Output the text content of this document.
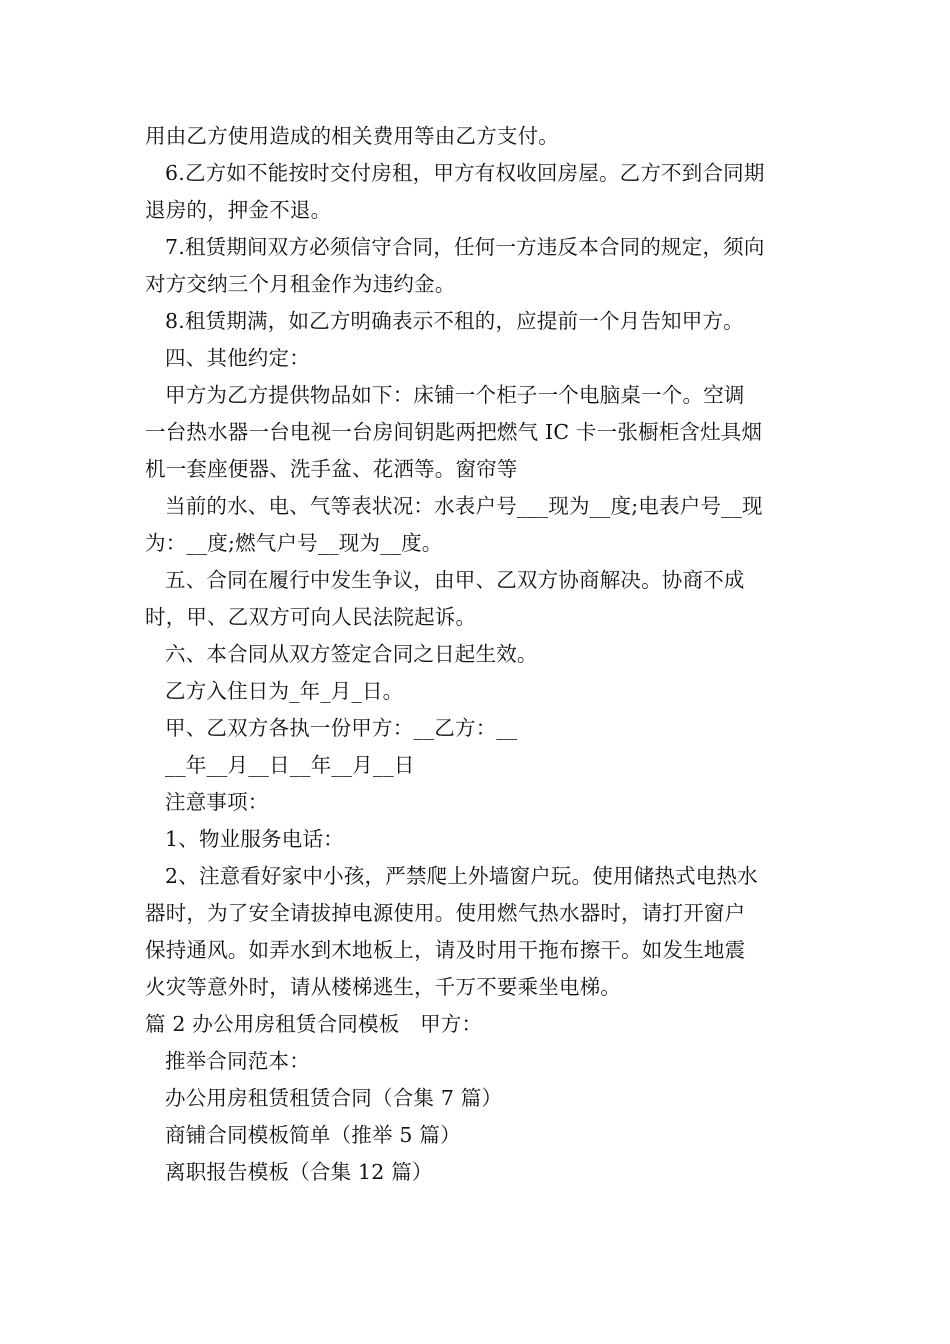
用由乙方使用造成的相关费用等由乙方支付。
6.乙方如不能按时交付房租，甲方有权收回房屋。乙方不到合同期
退房的，押金不退。
7.租赁期间双方必须信守合同，任何一方违反本合同的规定，须向
对方交纳三个月租金作为违约金。
8.租赁期满，如乙方明确表示不租的，应提前一个月告知甲方。
四、其他约定：
甲方为乙方提供物品如下：床铺一个柜子一个电脑桌一个。空调
一台热水器一台电视一台房间钥匙两把燃气 IC 卡一张橱柜含灶具烟
机一套座便器、洗手盆、花洒等。窗帘等
当前的水、电、气等表状况：水表户号___现为__度;电表户号__现
为：__度;燃气户号__现为__度。
五、合同在履行中发生争议，由甲、乙双方协商解决。协商不成
时，甲、乙双方可向人民法院起诉。
六、本合同从双方签定合同之日起生效。
乙方入住日为_年_月_日。
甲、乙双方各执一份甲方：__乙方：__
__年__月__日__年__月__日
注意事项：
1、物业服务电话：
2、注意看好家中小孩，严禁爬上外墙窗户玩。使用储热式电热水
器时，为了安全请拔掉电源使用。使用燃气热水器时，请打开窗户
保持通风。如弄水到木地板上，请及时用干拖布擦干。如发生地震
火灾等意外时，请从楼梯逃生，千万不要乘坐电梯。
篇 2 办公用房租赁合同模板　甲方：
推举合同范本：
办公用房租赁租赁合同（合集 7 篇）
商铺合同模板简单（推举 5 篇）
离职报告模板（合集 12 篇）
